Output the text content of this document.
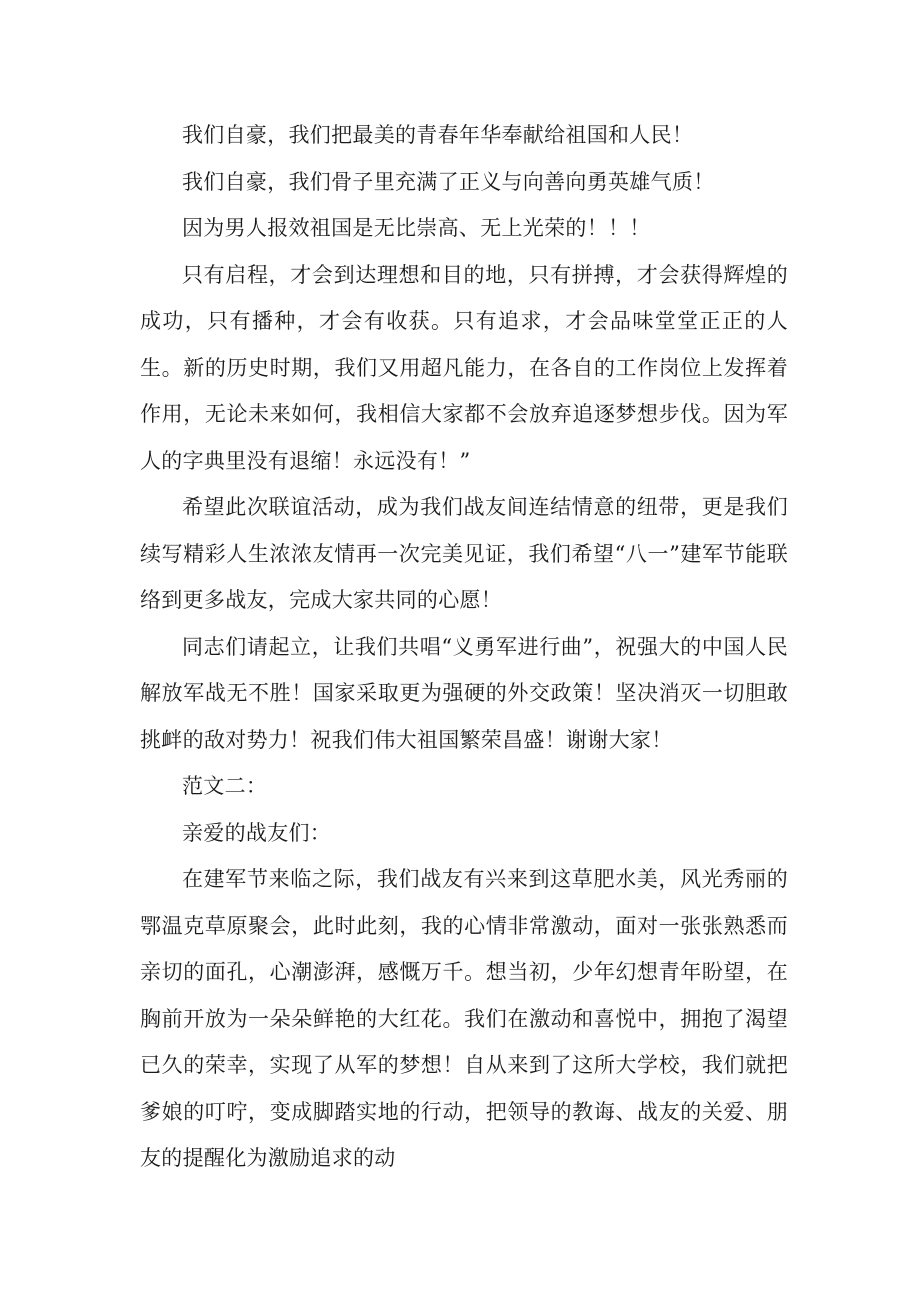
我们自豪，我们把最美的青春年华奉献给祖国和人民！

我们自豪，我们骨子里充满了正义与向善向勇英雄气质！

因为男人报效祖国是无比崇高、无上光荣的！！！

只有启程，才会到达理想和目的地，只有拼搏，才会获得辉煌的成功，只有播种，才会有收获。只有追求，才会品味堂堂正正的人生。新的历史时期，我们又用超凡能力，在各自的工作岗位上发挥着作用，无论未来如何，我相信大家都不会放弃追逐梦想步伐。因为军人的字典里没有退缩！永远没有！”

希望此次联谊活动，成为我们战友间连结情意的纽带，更是我们续写精彩人生浓浓友情再一次完美见证，我们希望“八一”建军节能联络到更多战友，完成大家共同的心愿！

同志们请起立，让我们共唱“义勇军进行曲”，祝强大的中国人民解放军战无不胜！国家采取更为强硬的外交政策！坚决消灭一切胆敢挑衅的敌对势力！祝我们伟大祖国繁荣昌盛！谢谢大家！

范文二：

亲爱的战友们：

在建军节来临之际，我们战友有兴来到这草肥水美，风光秀丽的鄂温克草原聚会，此时此刻，我的心情非常激动，面对一张张熟悉而亲切的面孔，心潮澎湃，感慨万千。想当初，少年幻想青年盼望，在胸前开放为一朵朵鲜艳的大红花。我们在激动和喜悦中，拥抱了渴望已久的荣幸，实现了从军的梦想！自从来到了这所大学校，我们就把爹娘的叮咛，变成脚踏实地的行动，把领导的教诲、战友的关爱、朋友的提醒化为激励追求的动
